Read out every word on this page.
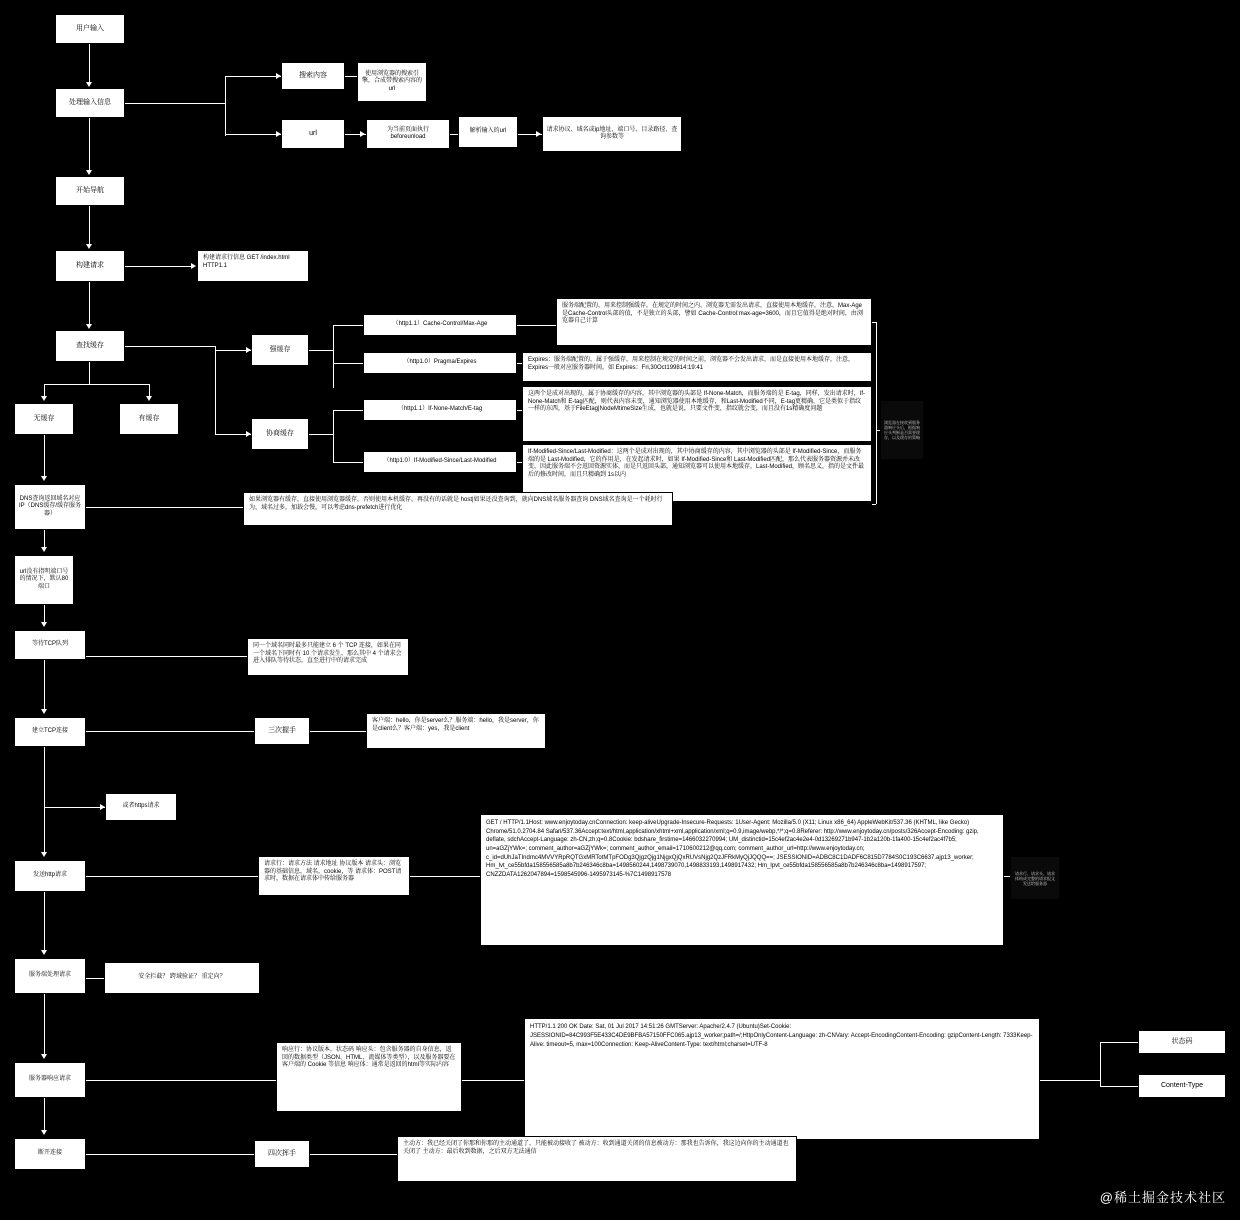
用户输入
处理输入信息
搜索内容	使用浏览器的搜索引擎，合成带搜索内容的url
url
为当前页面执行 beforeunload
解析输入的url	请求协议、域名或ip地址、端口号、目录路径、查询参数等
开始导航
构建请求
构建请求行信息 GET /index.html HTTP1.1
查找缓存
强缓存
协商缓存
（http1.1）Cache-Control/Max-Age
（http1.0）Pragma/Expires
（http1.1）If-None-Match/E-tag
（http1.0）If-Modified-Since/Last-Modified
服务端配置的，用来控制强缓存，在规定的时间之内，浏览器无需发出请求，直接使用本地缓存，注意，Max-Age是Cache-Control头部的值，不是独立的头部，譬如 Cache-Control:max-age=3600，而且它值得是绝对时间，由浏览器自己计算
Expires：服务端配置的，属于强缓存，用来控制在规定的时间之前，浏览器不会发出请求，而是直接使用本地缓存，注意，Expires一般对应服务器时间，如 Expires：Fri,30Oct199814:19:41
这两个是成对出现的，属于协商缓存的内容，其中浏览器的头部是 If-None-Match，而服务端的是 E-tag，同样，发出请求时，If-None-Match和 E-tag匹配，则代表内容未变，通知浏览器使用本地缓存，和Last-Modified不同，E-tag更精确，它是类似于指纹一样的东西，基于FileEtag|NodeMtimeSize生成，也就是说，只要文件变，指纹就会变，而且没有1s精确度问题
If-Modified-Since/Last-Modified：这两个是成对出现的，其中协商缓存的内容，其中浏览器的头部是 If-Modified-Since，而服务端的是 Last-Modified，它的作用是，在发起请求时，如果 If-Modified-Since和 Last-Modified匹配，那么代表服务器资源并未改变，因此服务端不会返回资源实体，而是只返回头部，通知浏览器可以使用本地缓存，Last-Modified，顾名思义，指的是文件最后的修改时间，而且只精确到 1s以内
浏览器在接收到服务器响应头后，根据响应头判断是否需要缓存，以及缓存的策略
无缓存	有缓存
DNS查询返回域名对应IP（DNS缓存/缓存服务器）
如果浏览器有缓存，直接使用浏览器缓存，否则使用本机缓存，再没有的话就是 host|如果还没查询到，就向DNS域名服务器查询 DNS域名查询是一个耗时行为，域名过多，加载会慢，可以考虑dns-prefetch进行优化
url没有指明端口号的情况下，默认80端口
等待TCP队列	同一个域名同时最多只能建立 6 个 TCP 连接，如果在同一个域名下同时有 10 个请求发生，那么其中 4 个请求会进入排队等待状态，直至进行中的请求完成
建立TCP连接	三次握手
客户端：hello，你是server么？服务端：hello，我是server，你是client么？客户端：yes，我是client
或者https请求
发送http请求
请求行：请求方法 请求地址 协议版本 请求头：浏览器的基础信息，域名，cookie，等 请求体：POST请求时，数据在请求体中传给服务器
GET / HTTP/1.1Host: www.enjoytoday.cnConnection: keep-aliveUpgrade-Insecure-Requests: 1User-Agent: Mozilla/5.0 (X11; Linux x86_64) AppleWebKit/537.36 (KHTML, like Gecko) Chrome/51.0.2704.84 Safari/537.36Accept:text/html,application/xhtml+xml,application/xml;q=0.9,image/webp,*/*;q=0.8Referer: http://www.enjoytoday.cn/posts/326Accept-Encoding: gzip, deflate, sdchAccept-Language: zh-CN,zh;q=0.8Cookie: bdshare_firstime=1466032270994; UM_distinctid=15c4ef2ac4e2e4-0d13269271b947-1b2a120b-1fa400-15c4ef2ac4f7b5; un=aGZjYWk=; comment_author=aGZjYWk=; comment_author_email=1710600212@qq.com; comment_author_url=http://www.enjoytoday.cn; c_id=dUhJaTIndmc4MVVYRpRQTGxMRTotMTpFODg3QjgzQjg1NjgxQjQxRUVsNjg2QzJFRkMyQjJQQQ==; JSESSIONID=ADBC8C1DADF6C815D7784S0C193C6637.ajp13_worker; Hm_lvt_ce55bfda158556585a8b7b246346c8ba=1498560244,1498739070,1498833193,1498917432; Hm_lpvt_ce55bfda158556585a8b7b246346c8ba=1498917597; CNZZDATA1262047894=1598545996-1495973145-%7C1498917578	请求行、请求头、请求体构成完整的请求报文发送给服务器
服务端处理请求	安全拦截？ 跨域验证？ 重定向？
服务器响应请求
响应行：协议版本，状态码 响应头：包含服务器的自身信息，返回的数据类型（JSON、HTML、流媒体等类型），以及服务器要在客户端的 Cookie 等信息 响应体：通常是返回的html等实际内容
HTTP/1.1 200 OK Date: Sat, 01 Jul 2017 14:51:26 GMTServer: Apache/2.4.7 (Ubuntu)Set-Cookie: JSESSIONID=84C993F5E433C4DE9BFBA57150FFC065.ajp13_worker;path=/;HttpOnlyContent-Language: zh-CNVary: Accept-EncodingContent-Encoding: gzipContent-Length: 7333Keep-Alive: timeout=5, max=100Connection: Keep-AliveContent-Type: text/html;charset=UTF-8
状态码
Content-Type
断开连接	四次挥手
主动方：我已经关闭了你那和你那的主动通道了，只能被动接收了 被动方：收到通道关闭的信息被动方：那我也告诉你，我这边向你的主动通道也关闭了 主动方：最后收到数据，之后双方无法通信
@稀土掘金技术社区
